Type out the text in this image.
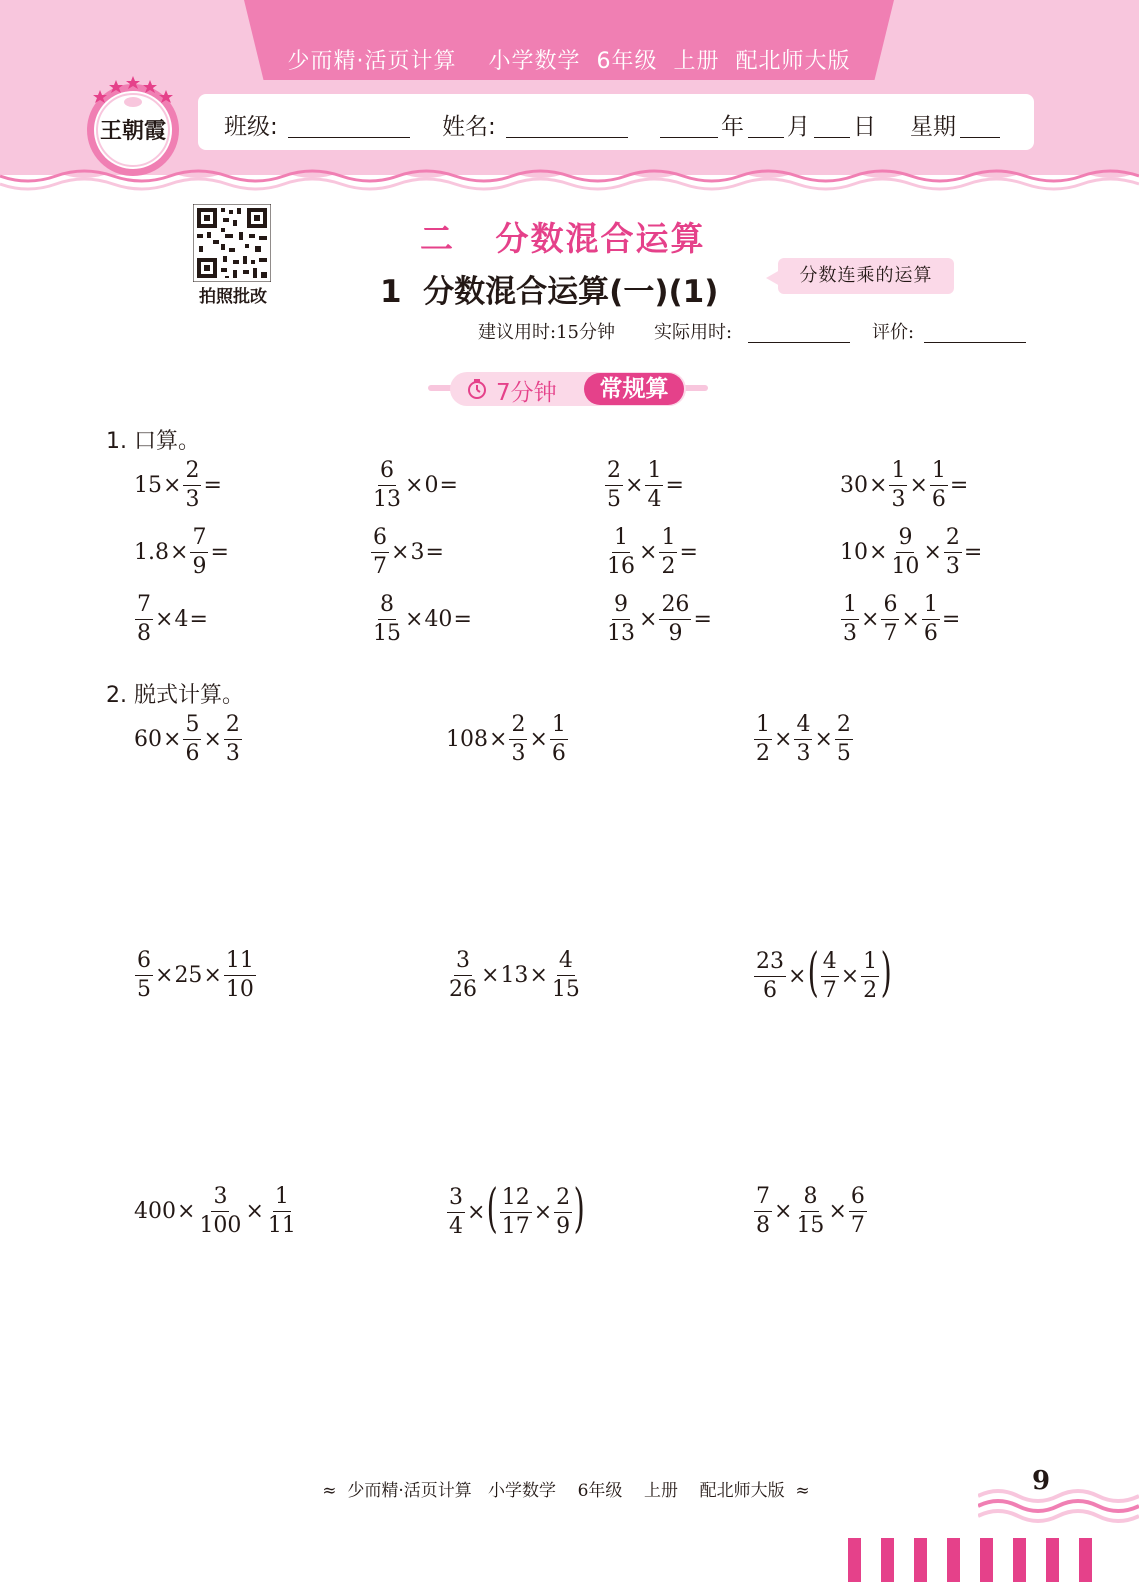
少而精·活页计算    小学数学  6年级  上册  配北师大版
班级:	姓名:	年 月 日 星期
王朝霞
拍照批改
二   分数混合运算
1  分数混合运算(一)(1)	分数连乘的运算
建议用时:15分钟 实际用时:	评价:
7分钟	常规算
1. 口算。
$15 \times \frac{2}{3}$ =	$\frac{6}{13} \times 0$ =	$\frac{2}{5} \times \frac{1}{4}$ =	$30 \times \frac{1}{3} \times \frac{1}{6}$ =
$1.8 \times \frac{7}{9}$ =	$\frac{6}{7} \times 3$ =	$\frac{1}{16} \times \frac{1}{2}$ =	$10 \times \frac{9}{10} \times \frac{2}{3}$ =
$\frac{7}{8} \times 4$ =	$\frac{8}{15} \times 40$ =	$\frac{9}{13} \times \frac{26}{9}$ =	$\frac{1}{3} \times \frac{6}{7} \times \frac{1}{6}$ =
$60 \times \frac{5}{6} \times \frac{2}{3}$	$108 \times \frac{2}{3} \times \frac{1}{6}$	$\frac{1}{2} \times \frac{4}{3} \times \frac{2}{5}$
$\frac{6}{5} \times 25 \times \frac{11}{10}$	$\frac{3}{26} \times 13 \times \frac{4}{15}$	$\frac{23}{6}$ × ( $\frac{4}{7} \times \frac{1}{2}$ )
$400 \times \frac{3}{100} \times \frac{1}{11}$	$\frac{3}{4}$ × ( $\frac{12}{17} \times \frac{2}{9}$ )	$\frac{7}{8} \times \frac{8}{15} \times \frac{6}{7}$
2. 脱式计算。
≈  少而精·活页计算   小学数学    6年级    上册    配北师大版  ≈	9
